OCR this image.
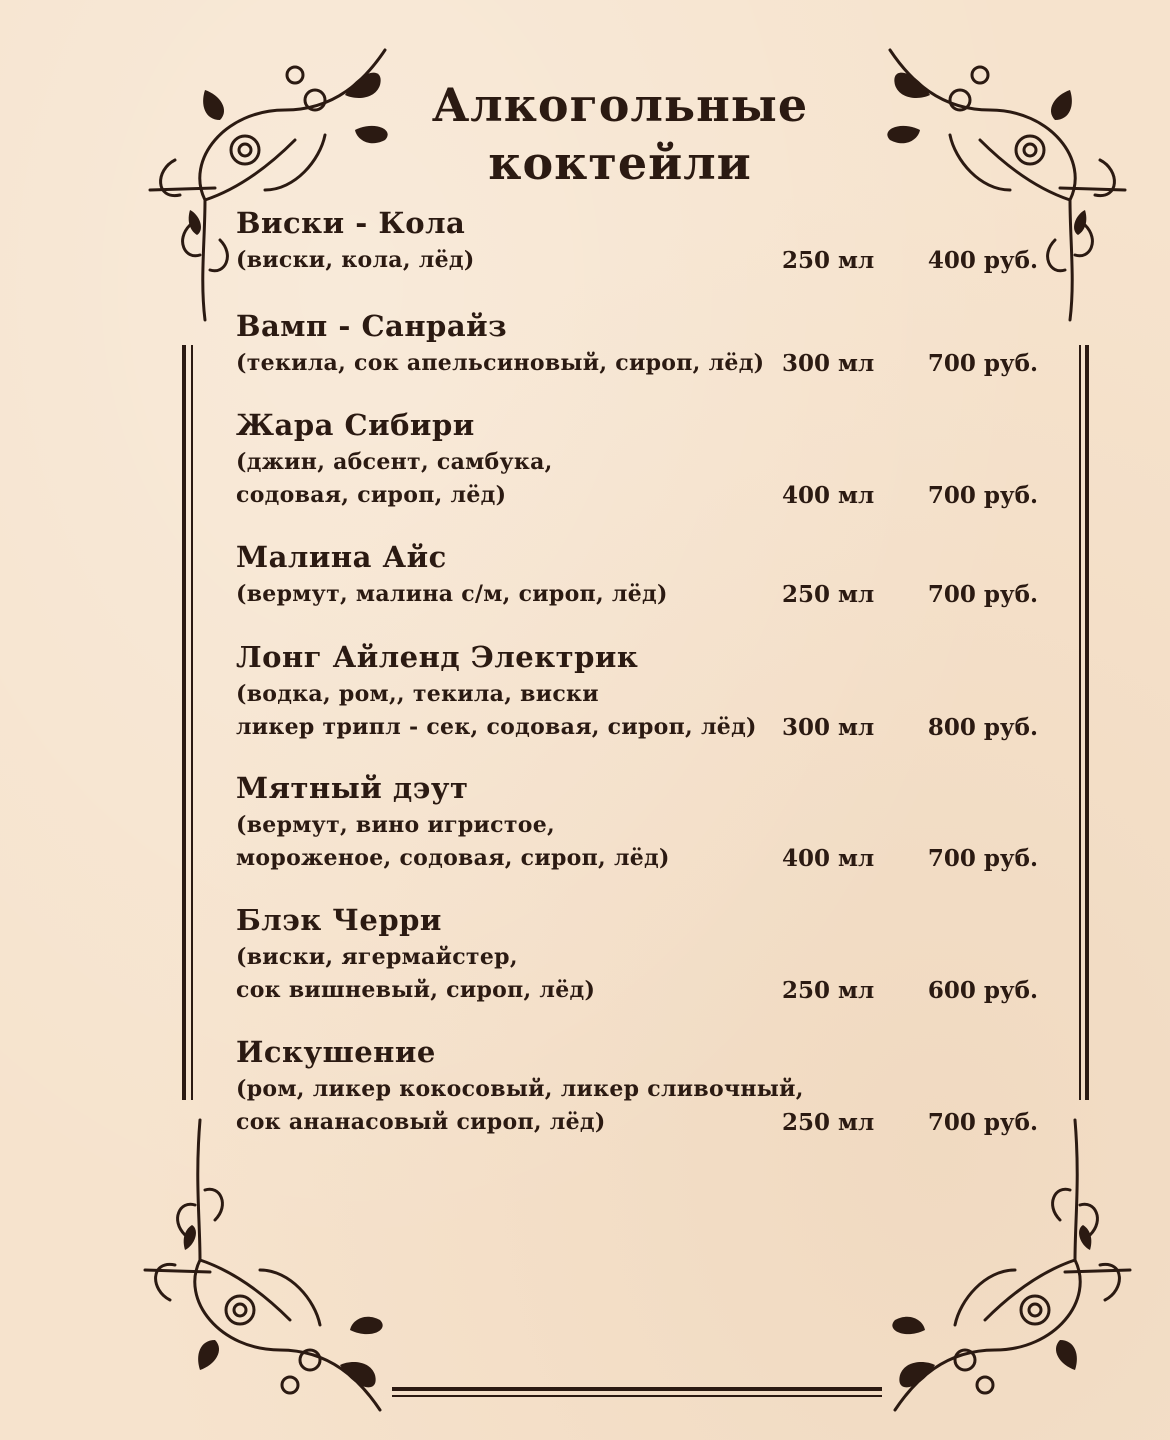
Алкогольные
коктейли
Виски - Кола
(виски, кола, лёд)	250 мл	400 руб.
Вамп - Санрайз
(текила, сок апельсиновый, сироп, лёд) 300 мл	700 руб.
Жара Сибири
(джин, абсент, самбука,
содовая, сироп, лёд)	400 мл	700 руб.
Малина Айс
(вермут, малина с/м, сироп, лёд)	250 мл	700 руб.
Лонг Айленд Электрик
(водка, ром,, текила, виски
ликер трипл - сек, содовая, сироп, лёд)	300 мл	800 руб.
Мятный дэут
(вермут, вино игристое,
мороженое, содовая, сироп, лёд)	400 мл	700 руб.
Блэк Черри
(виски, ягермайстер,
сок вишневый, сироп, лёд)	250 мл	600 руб.
Искушение
(ром, ликер кокосовый, ликер сливочный,
сок ананасовый сироп, лёд)	250 мл	700 руб.
